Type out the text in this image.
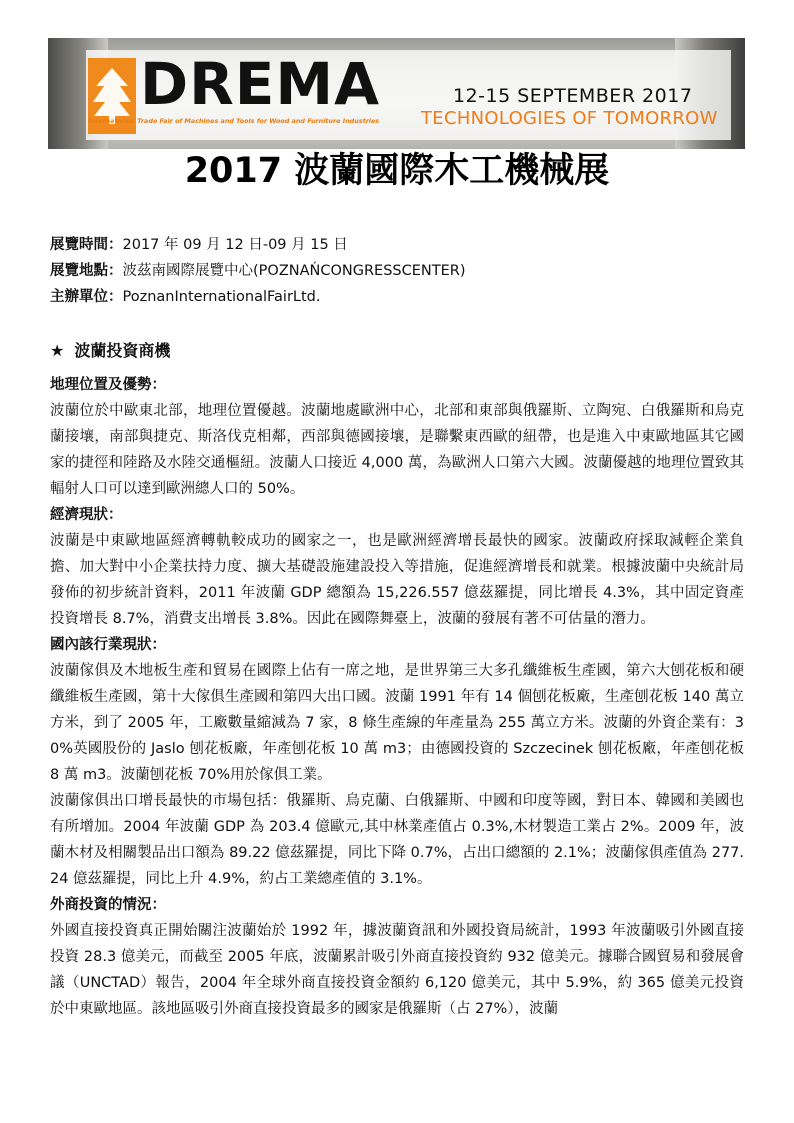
DREMA
International Trade Fair of Machines and Tools for Wood and Furniture Industries
12-15 SEPTEMBER 2017
TECHNOLOGIES OF TOMORROW
2017 波蘭國際木工機械展
展覽時間：2017 年 09 月 12 日-09 月 15 日
展覽地點：波茲南國際展覽中心(POZNAŃCONGRESSCENTER)
主辦單位：PoznanInternationalFairLtd.
★ 波蘭投資商機
地理位置及優勢：

波蘭位於中歐東北部，地理位置優越。波蘭地處歐洲中心，北部和東部與俄羅斯、立陶宛、白俄羅斯和烏克蘭接壤，南部與捷克、斯洛伐克相鄰，西部與德國接壤，是聯繫東西歐的紐帶，也是進入中東歐地區其它國家的捷徑和陸路及水陸交通樞紐。波蘭人口接近 4,000 萬，為歐洲人口第六大國。波蘭優越的地理位置致其輻射人口可以達到歐洲總人口的 50%。

經濟現狀：

波蘭是中東歐地區經濟轉軌較成功的國家之一，也是歐洲經濟增長最快的國家。波蘭政府採取減輕企業負擔、加大對中小企業扶持力度、擴大基礎設施建設投入等措施，促進經濟增長和就業。根據波蘭中央統計局發佈的初步統計資料，2011 年波蘭 GDP 總額為 15,226.557 億茲羅提，同比增長 4.3%，其中固定資產投資增長 8.7%，消費支出增長 3.8%。因此在國際舞臺上，波蘭的發展有著不可估量的潛力。

國內該行業現狀：

波蘭傢俱及木地板生產和貿易在國際上佔有一席之地，是世界第三大多孔纖維板生產國，第六大刨花板和硬纖維板生產國，第十大傢俱生產國和第四大出口國。波蘭 1991 年有 14 個刨花板廠，生產刨花板 140 萬立方米，到了 2005 年，工廠數量縮減為 7 家，8 條生產線的年產量為 255 萬立方米。波蘭的外資企業有：30%英國股份的 Jaslo 刨花板廠，年產刨花板 10 萬 m3；由德國投資的 Szczecinek 刨花板廠，年產刨花板 8 萬 m3。波蘭刨花板 70%用於傢俱工業。

波蘭傢俱出口增長最快的市場包括：俄羅斯、烏克蘭、白俄羅斯、中國和印度等國，對日本、韓國和美國也有所增加。2004 年波蘭 GDP 為 203.4 億歐元,其中林業產值占 0.3%,木材製造工業占 2%。2009 年，波蘭木材及相關製品出口額為 89.22 億茲羅提，同比下降 0.7%，占出口總額的 2.1%；波蘭傢俱產值為 277.24 億茲羅提，同比上升 4.9%，約占工業總產值的 3.1%。

外商投資的情況：

外國直接投資真正開始關注波蘭始於 1992 年，據波蘭資訊和外國投資局統計，1993 年波蘭吸引外國直接投資 28.3 億美元，而截至 2005 年底，波蘭累計吸引外商直接投資約 932 億美元。據聯合國貿易和發展會議（UNCTAD）報告，2004 年全球外商直接投資金額約 6,120 億美元，其中 5.9%，約 365 億美元投資於中東歐地區。該地區吸引外商直接投資最多的國家是俄羅斯（占 27%），波蘭
